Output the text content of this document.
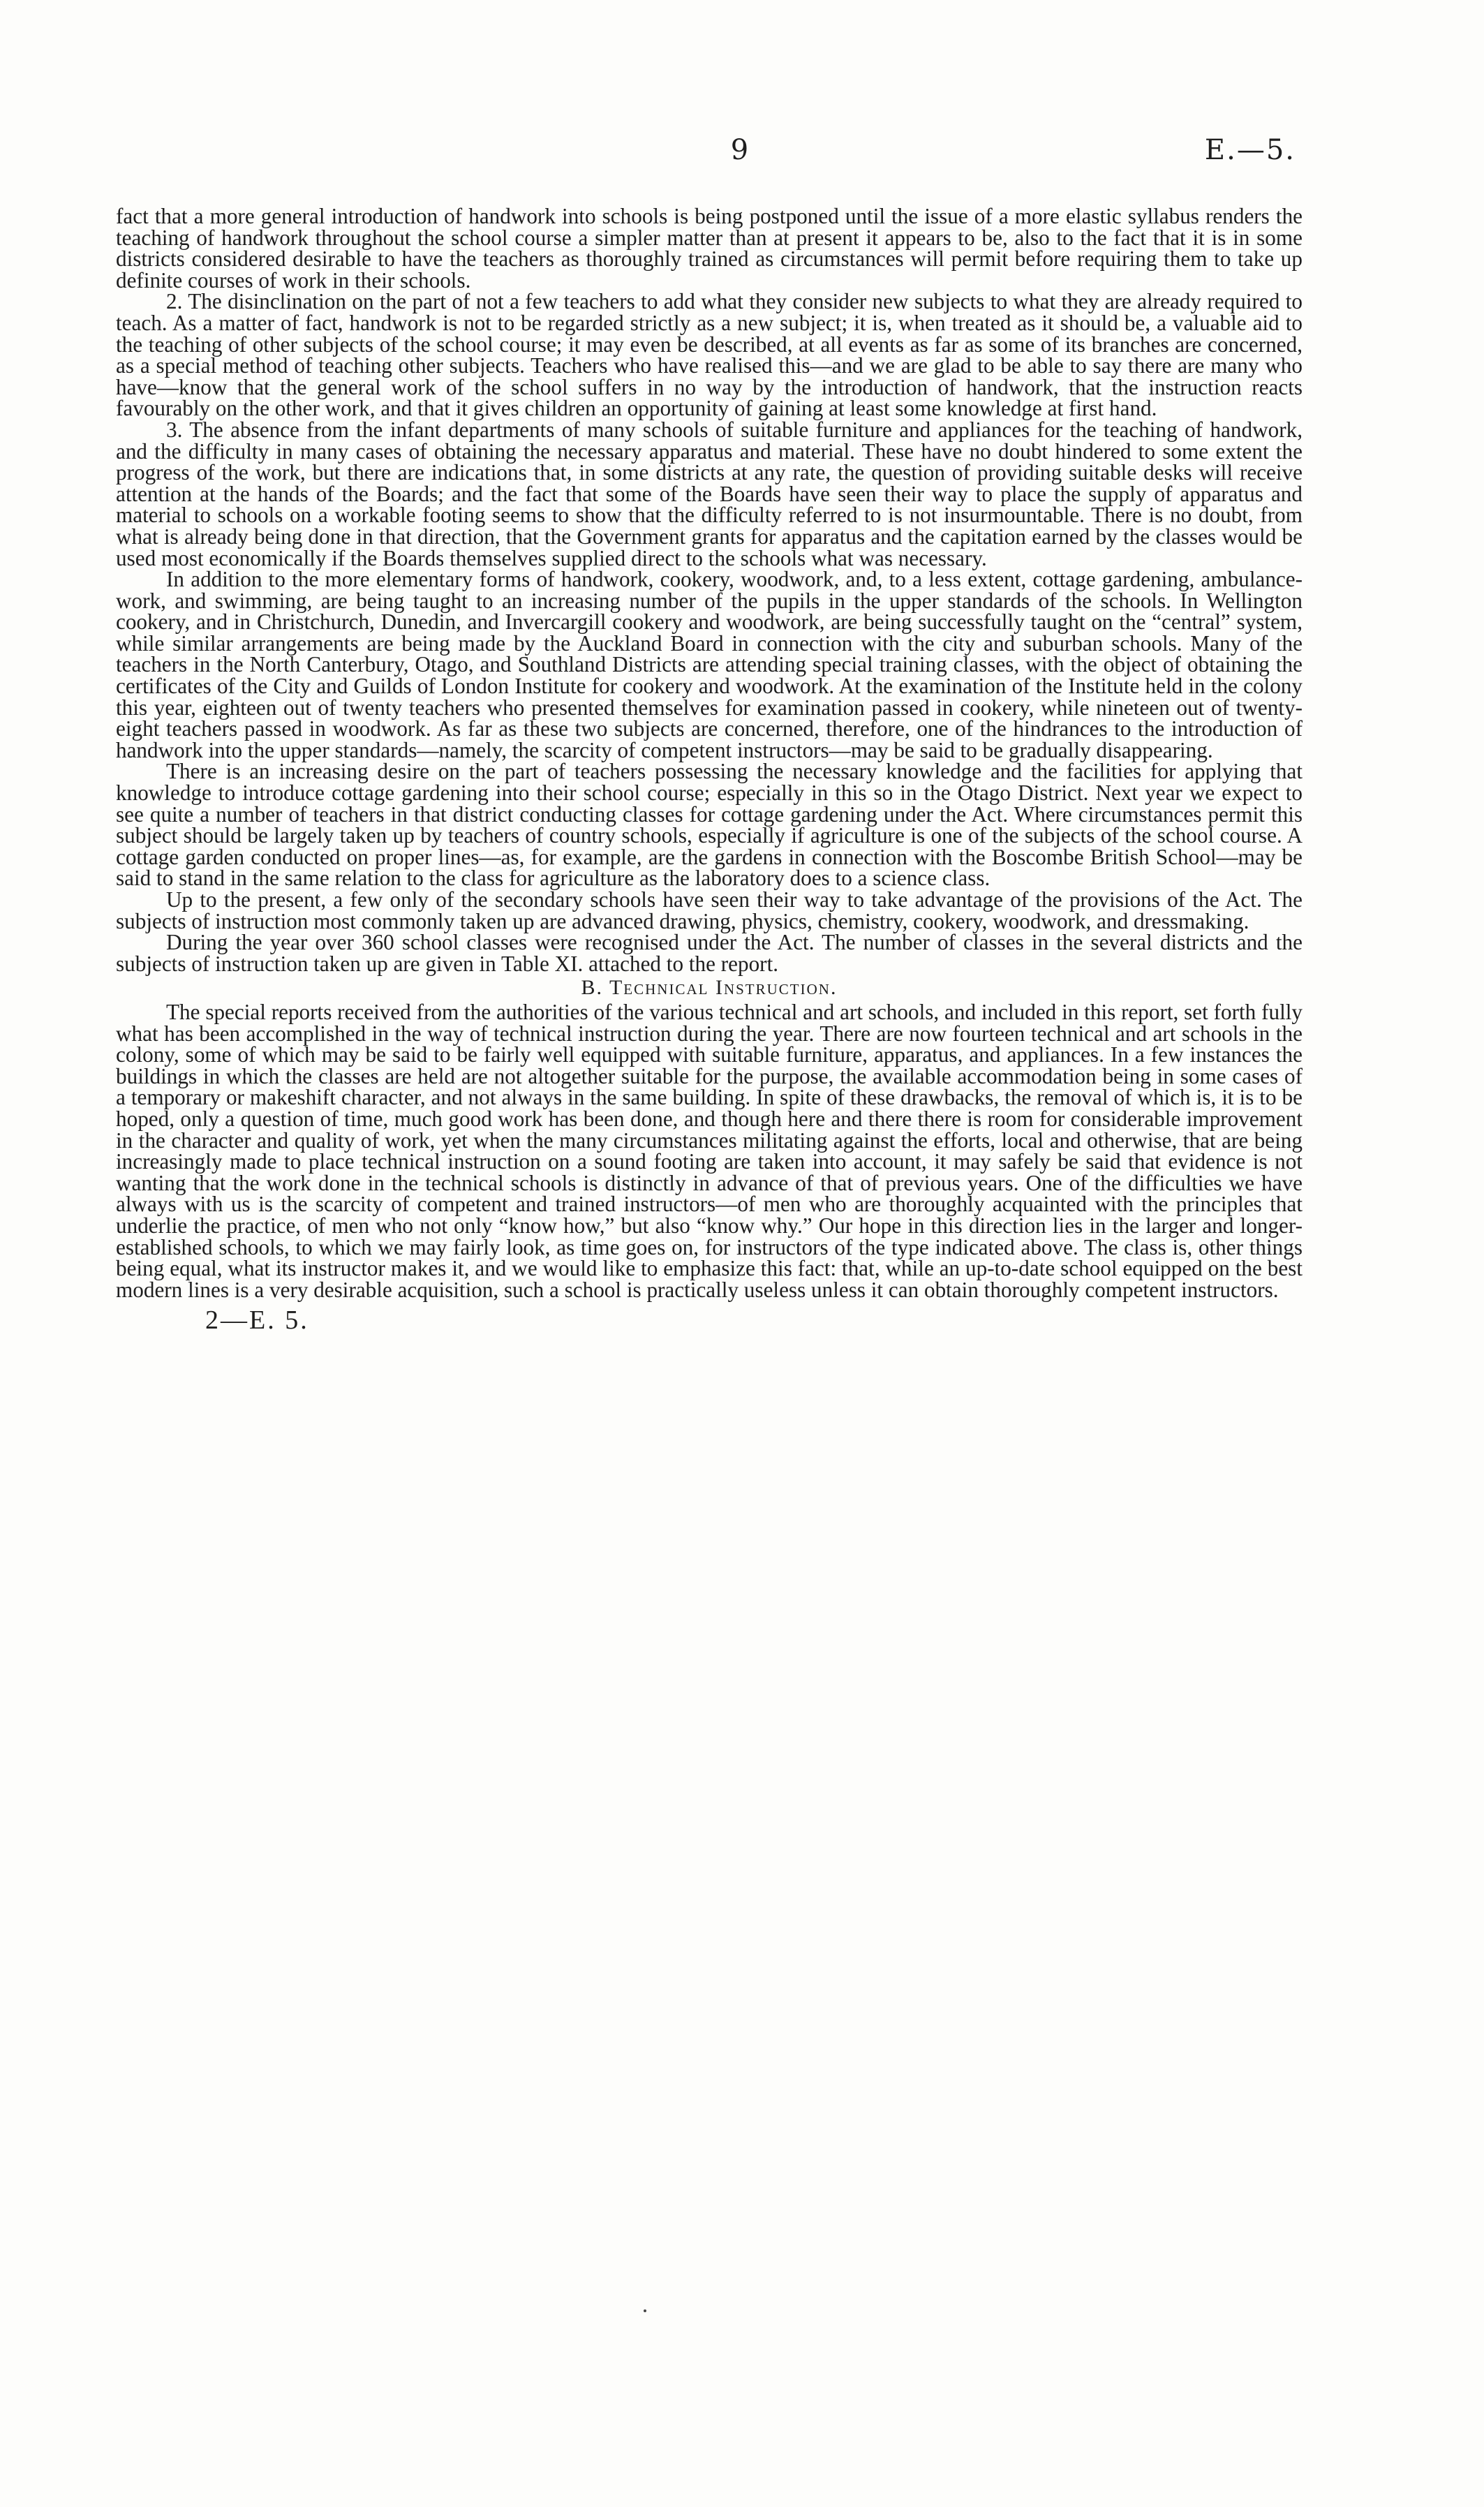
9	E.—5.

fact that a more general introduction of handwork into schools is being postponed until the issue of a more elastic syllabus renders the teaching of handwork throughout the school course a simpler matter than at present it appears to be, also to the fact that it is in some districts considered desirable to have the teachers as thoroughly trained as circumstances will permit before requiring them to take up definite courses of work in their schools.

2. The disinclination on the part of not a few teachers to add what they consider new subjects to what they are already required to teach. As a matter of fact, handwork is not to be regarded strictly as a new subject; it is, when treated as it should be, a valuable aid to the teaching of other subjects of the school course; it may even be described, at all events as far as some of its branches are concerned, as a special method of teaching other subjects. Teachers who have realised this—and we are glad to be able to say there are many who have—know that the general work of the school suffers in no way by the introduction of handwork, that the instruction reacts favourably on the other work, and that it gives children an opportunity of gaining at least some knowledge at first hand.

3. The absence from the infant departments of many schools of suitable furniture and appliances for the teaching of handwork, and the difficulty in many cases of obtaining the necessary apparatus and material. These have no doubt hindered to some extent the progress of the work, but there are indications that, in some districts at any rate, the question of providing suitable desks will receive attention at the hands of the Boards; and the fact that some of the Boards have seen their way to place the supply of apparatus and material to schools on a workable footing seems to show that the difficulty referred to is not insurmountable. There is no doubt, from what is already being done in that direction, that the Government grants for apparatus and the capitation earned by the classes would be used most economically if the Boards themselves supplied direct to the schools what was necessary.

In addition to the more elementary forms of handwork, cookery, woodwork, and, to a less extent, cottage gardening, ambulance-work, and swimming, are being taught to an increasing number of the pupils in the upper standards of the schools. In Wellington cookery, and in Christchurch, Dunedin, and Invercargill cookery and woodwork, are being successfully taught on the “central” system, while similar arrangements are being made by the Auckland Board in connection with the city and suburban schools. Many of the teachers in the North Canterbury, Otago, and Southland Districts are attending special training classes, with the object of obtaining the certificates of the City and Guilds of London Institute for cookery and woodwork. At the examination of the Institute held in the colony this year, eighteen out of twenty teachers who presented themselves for examination passed in cookery, while nineteen out of twenty-eight teachers passed in woodwork. As far as these two subjects are concerned, therefore, one of the hindrances to the introduction of handwork into the upper standards—namely, the scarcity of competent instructors—may be said to be gradually disappearing.

There is an increasing desire on the part of teachers possessing the necessary knowledge and the facilities for applying that knowledge to introduce cottage gardening into their school course; especially in this so in the Otago District. Next year we expect to see quite a number of teachers in that district conducting classes for cottage gardening under the Act. Where circumstances permit this subject should be largely taken up by teachers of country schools, especially if agriculture is one of the subjects of the school course. A cottage garden conducted on proper lines—as, for example, are the gardens in connection with the Boscombe British School—may be said to stand in the same relation to the class for agriculture as the laboratory does to a science class.

Up to the present, a few only of the secondary schools have seen their way to take advantage of the provisions of the Act. The subjects of instruction most commonly taken up are advanced drawing, physics, chemistry, cookery, woodwork, and dressmaking.

During the year over 360 school classes were recognised under the Act. The number of classes in the several districts and the subjects of instruction taken up are given in Table XI. attached to the report.

B. Technical Instruction.

The special reports received from the authorities of the various technical and art schools, and included in this report, set forth fully what has been accomplished in the way of technical instruction during the year. There are now fourteen technical and art schools in the colony, some of which may be said to be fairly well equipped with suitable furniture, apparatus, and appliances. In a few instances the buildings in which the classes are held are not altogether suitable for the purpose, the available accommodation being in some cases of a temporary or makeshift character, and not always in the same building. In spite of these drawbacks, the removal of which is, it is to be hoped, only a question of time, much good work has been done, and though here and there there is room for considerable improvement in the character and quality of work, yet when the many circumstances militating against the efforts, local and otherwise, that are being increasingly made to place technical instruction on a sound footing are taken into account, it may safely be said that evidence is not wanting that the work done in the technical schools is distinctly in advance of that of previous years. One of the difficulties we have always with us is the scarcity of competent and trained instructors—of men who are thoroughly acquainted with the principles that underlie the practice, of men who not only “know how,” but also “know why.” Our hope in this direction lies in the larger and longer-established schools, to which we may fairly look, as time goes on, for instructors of the type indicated above. The class is, other things being equal, what its instructor makes it, and we would like to emphasize this fact: that, while an up-to-date school equipped on the best modern lines is a very desirable acquisition, such a school is practically useless unless it can obtain thoroughly competent instructors.

2—E. 5.
